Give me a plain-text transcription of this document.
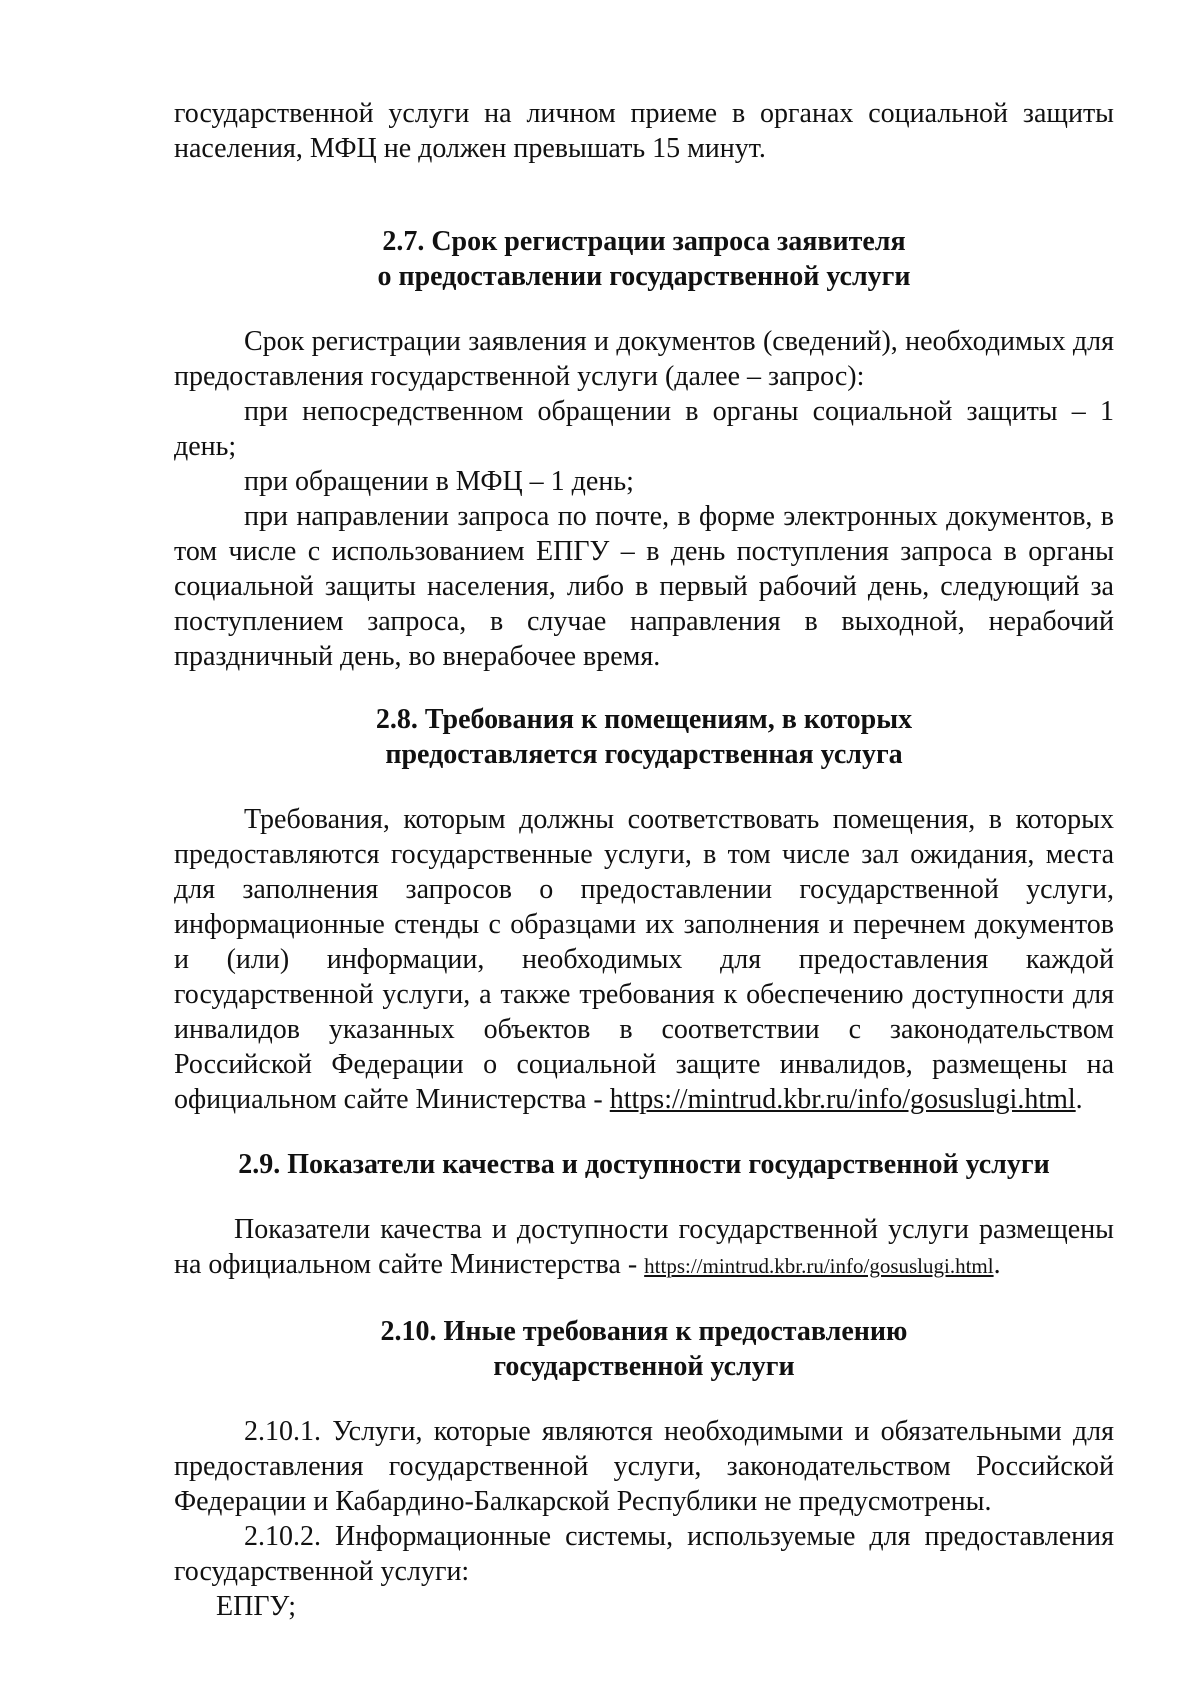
государственной услуги на личном приеме в органах социальной защиты населения, МФЦ не должен превышать 15 минут.

2.7. Срок регистрации запроса заявителя
о предоставлении государственной услуги

Срок регистрации заявления и документов (сведений), необходимых для предоставления государственной услуги (далее – запрос):

при непосредственном обращении в органы социальной защиты – 1 день;

при обращении в МФЦ – 1 день;

при направлении запроса по почте, в форме электронных документов, в том числе с использованием ЕПГУ – в день поступления запроса в органы социальной защиты населения, либо в первый рабочий день, следующий за поступлением запроса, в случае направления в выходной, нерабочий праздничный день, во внерабочее время.

2.8. Требования к помещениям, в которых
предоставляется государственная услуга

Требования, которым должны соответствовать помещения, в которых предоставляются государственные услуги, в том числе зал ожидания, места для заполнения запросов о предоставлении государственной услуги, информационные стенды с образцами их заполнения и перечнем документов и (или) информации, необходимых для предоставления каждой государственной услуги, а также требования к обеспечению доступности для инвалидов указанных объектов в соответствии с законодательством Российской Федерации о социальной защите инвалидов, размещены на официальном сайте Министерства - https://mintrud.kbr.ru/info/gosuslugi.html.

2.9. Показатели качества и доступности государственной услуги

Показатели качества и доступности государственной услуги размещены на официальном сайте Министерства - https://mintrud.kbr.ru/info/gosuslugi.html.

2.10. Иные требования к предоставлению
государственной услуги

2.10.1. Услуги, которые являются необходимыми и обязательными для предоставления государственной услуги, законодательством Российской Федерации и Кабардино-Балкарской Республики не предусмотрены.

2.10.2. Информационные системы, используемые для предоставления государственной услуги:

ЕПГУ;
